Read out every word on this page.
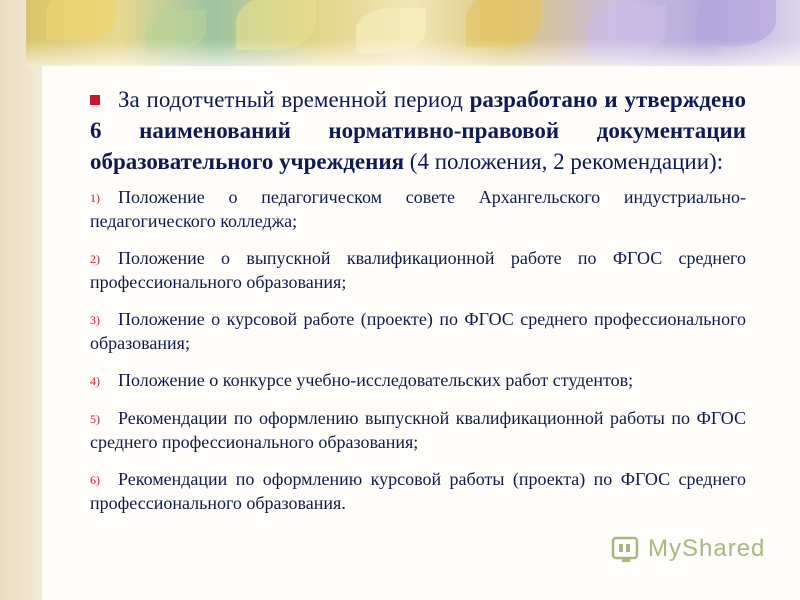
За подотчетный временной период разработано и утверждено 6 наименований нормативно-правовой документации образовательного учреждения (4 положения, 2 рекомендации):

1) Положение о педагогическом совете Архангельского индустриально-педагогического колледжа;
2) Положение о выпускной квалификационной работе по ФГОС среднего профессионального образования;
3) Положение о курсовой работе (проекте) по ФГОС среднего профессионального образования;
4) Положение о конкурсе учебно-исследовательских работ студентов;
5) Рекомендации по оформлению выпускной квалификационной работы по ФГОС среднего профессионального образования;
6) Рекомендации по оформлению курсовой работы (проекта) по ФГОС среднего профессионального образования.
MyShared
